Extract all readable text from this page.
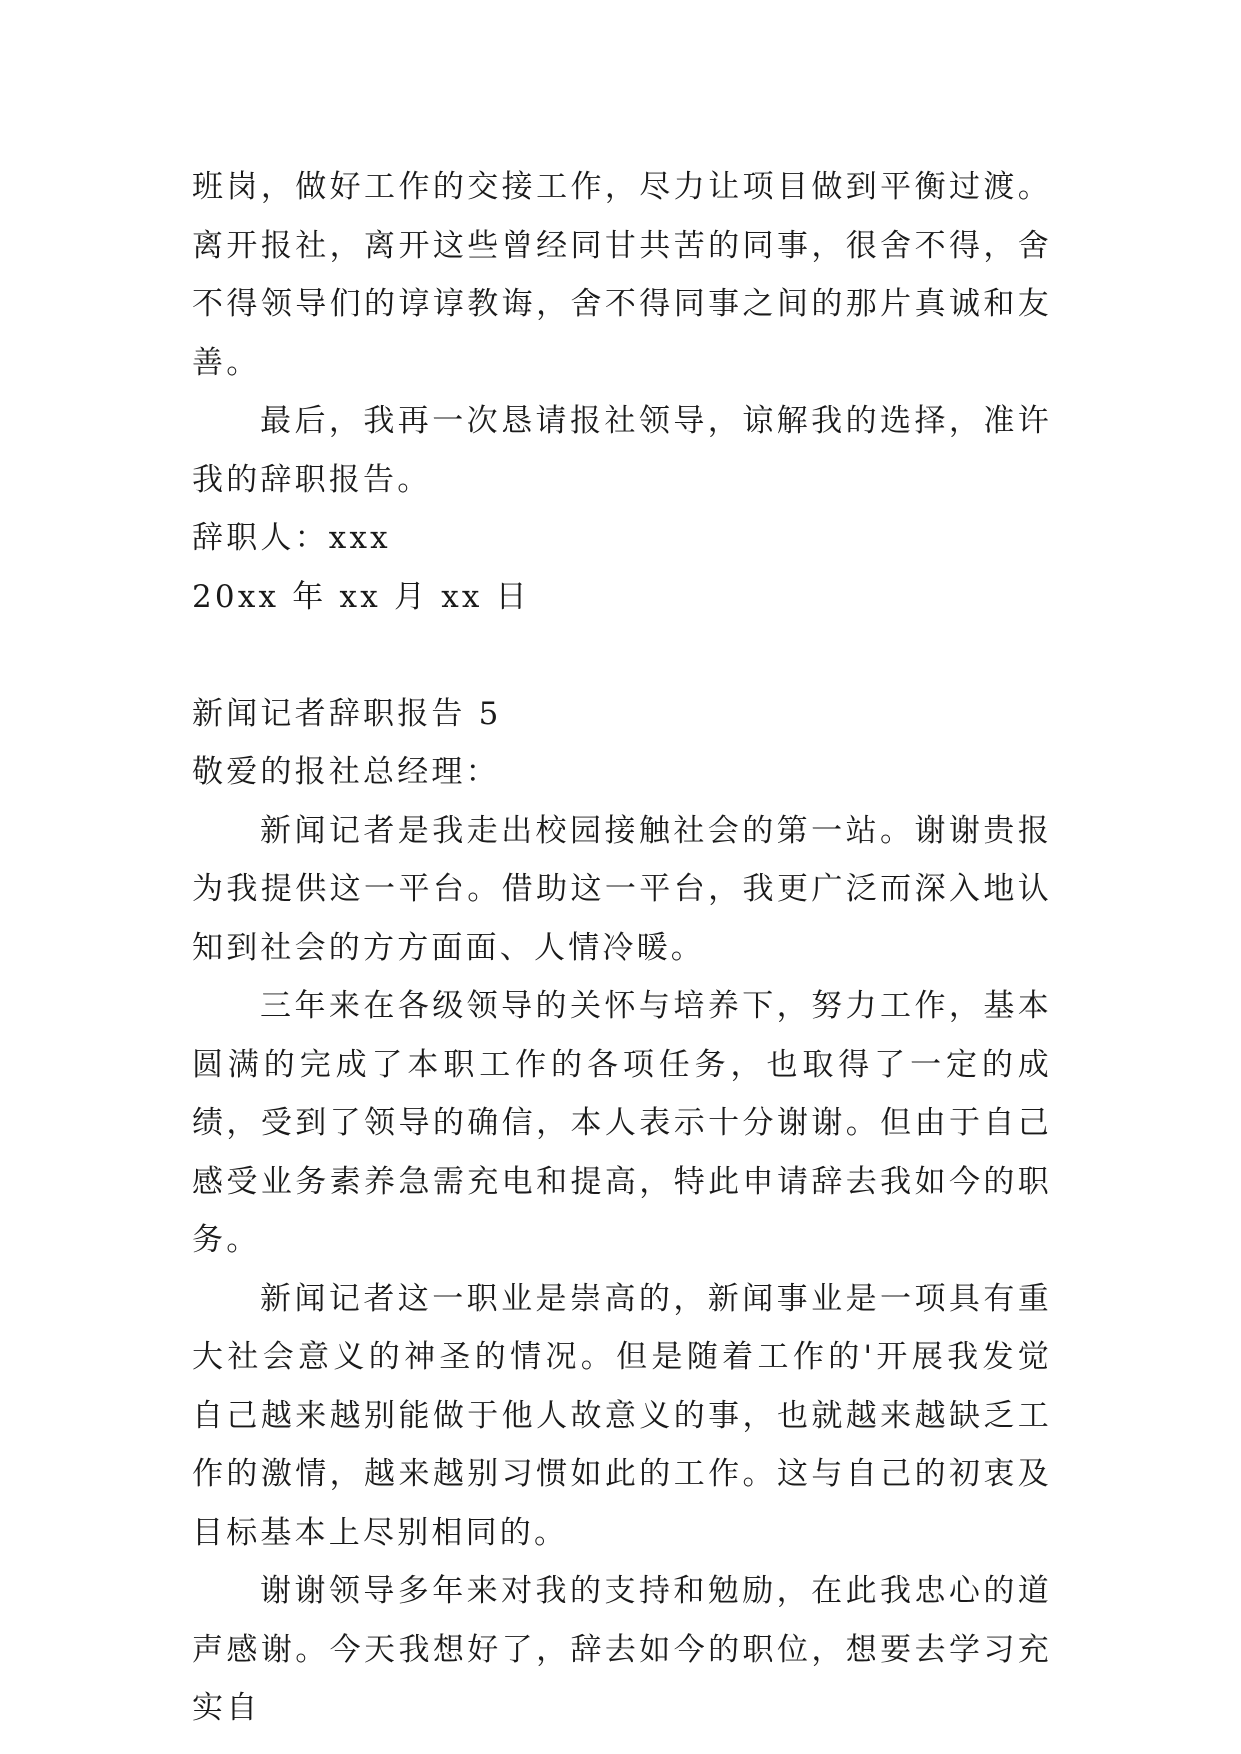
班岗，做好工作的交接工作，尽力让项目做到平衡过渡。离开报社，离开这些曾经同甘共苦的同事，很舍不得，舍不得领导们的谆谆教诲，舍不得同事之间的那片真诚和友善。

最后，我再一次恳请报社领导，谅解我的选择，准许我的辞职报告。

辞职人：xxx

20xx 年 xx 月 xx 日

新闻记者辞职报告 5

敬爱的报社总经理：

新闻记者是我走出校园接触社会的第一站。谢谢贵报为我提供这一平台。借助这一平台，我更广泛而深入地认知到社会的方方面面、人情冷暖。

三年来在各级领导的关怀与培养下，努力工作，基本圆满的完成了本职工作的各项任务，也取得了一定的成绩，受到了领导的确信，本人表示十分谢谢。但由于自己感受业务素养急需充电和提高，特此申请辞去我如今的职务。

新闻记者这一职业是崇高的，新闻事业是一项具有重大社会意义的神圣的情况。但是随着工作的'开展我发觉自己越来越别能做于他人故意义的事，也就越来越缺乏工作的激情，越来越别习惯如此的工作。这与自己的初衷及目标基本上尽别相同的。

谢谢领导多年来对我的支持和勉励，在此我忠心的道声感谢。今天我想好了，辞去如今的职位，想要去学习充实自
